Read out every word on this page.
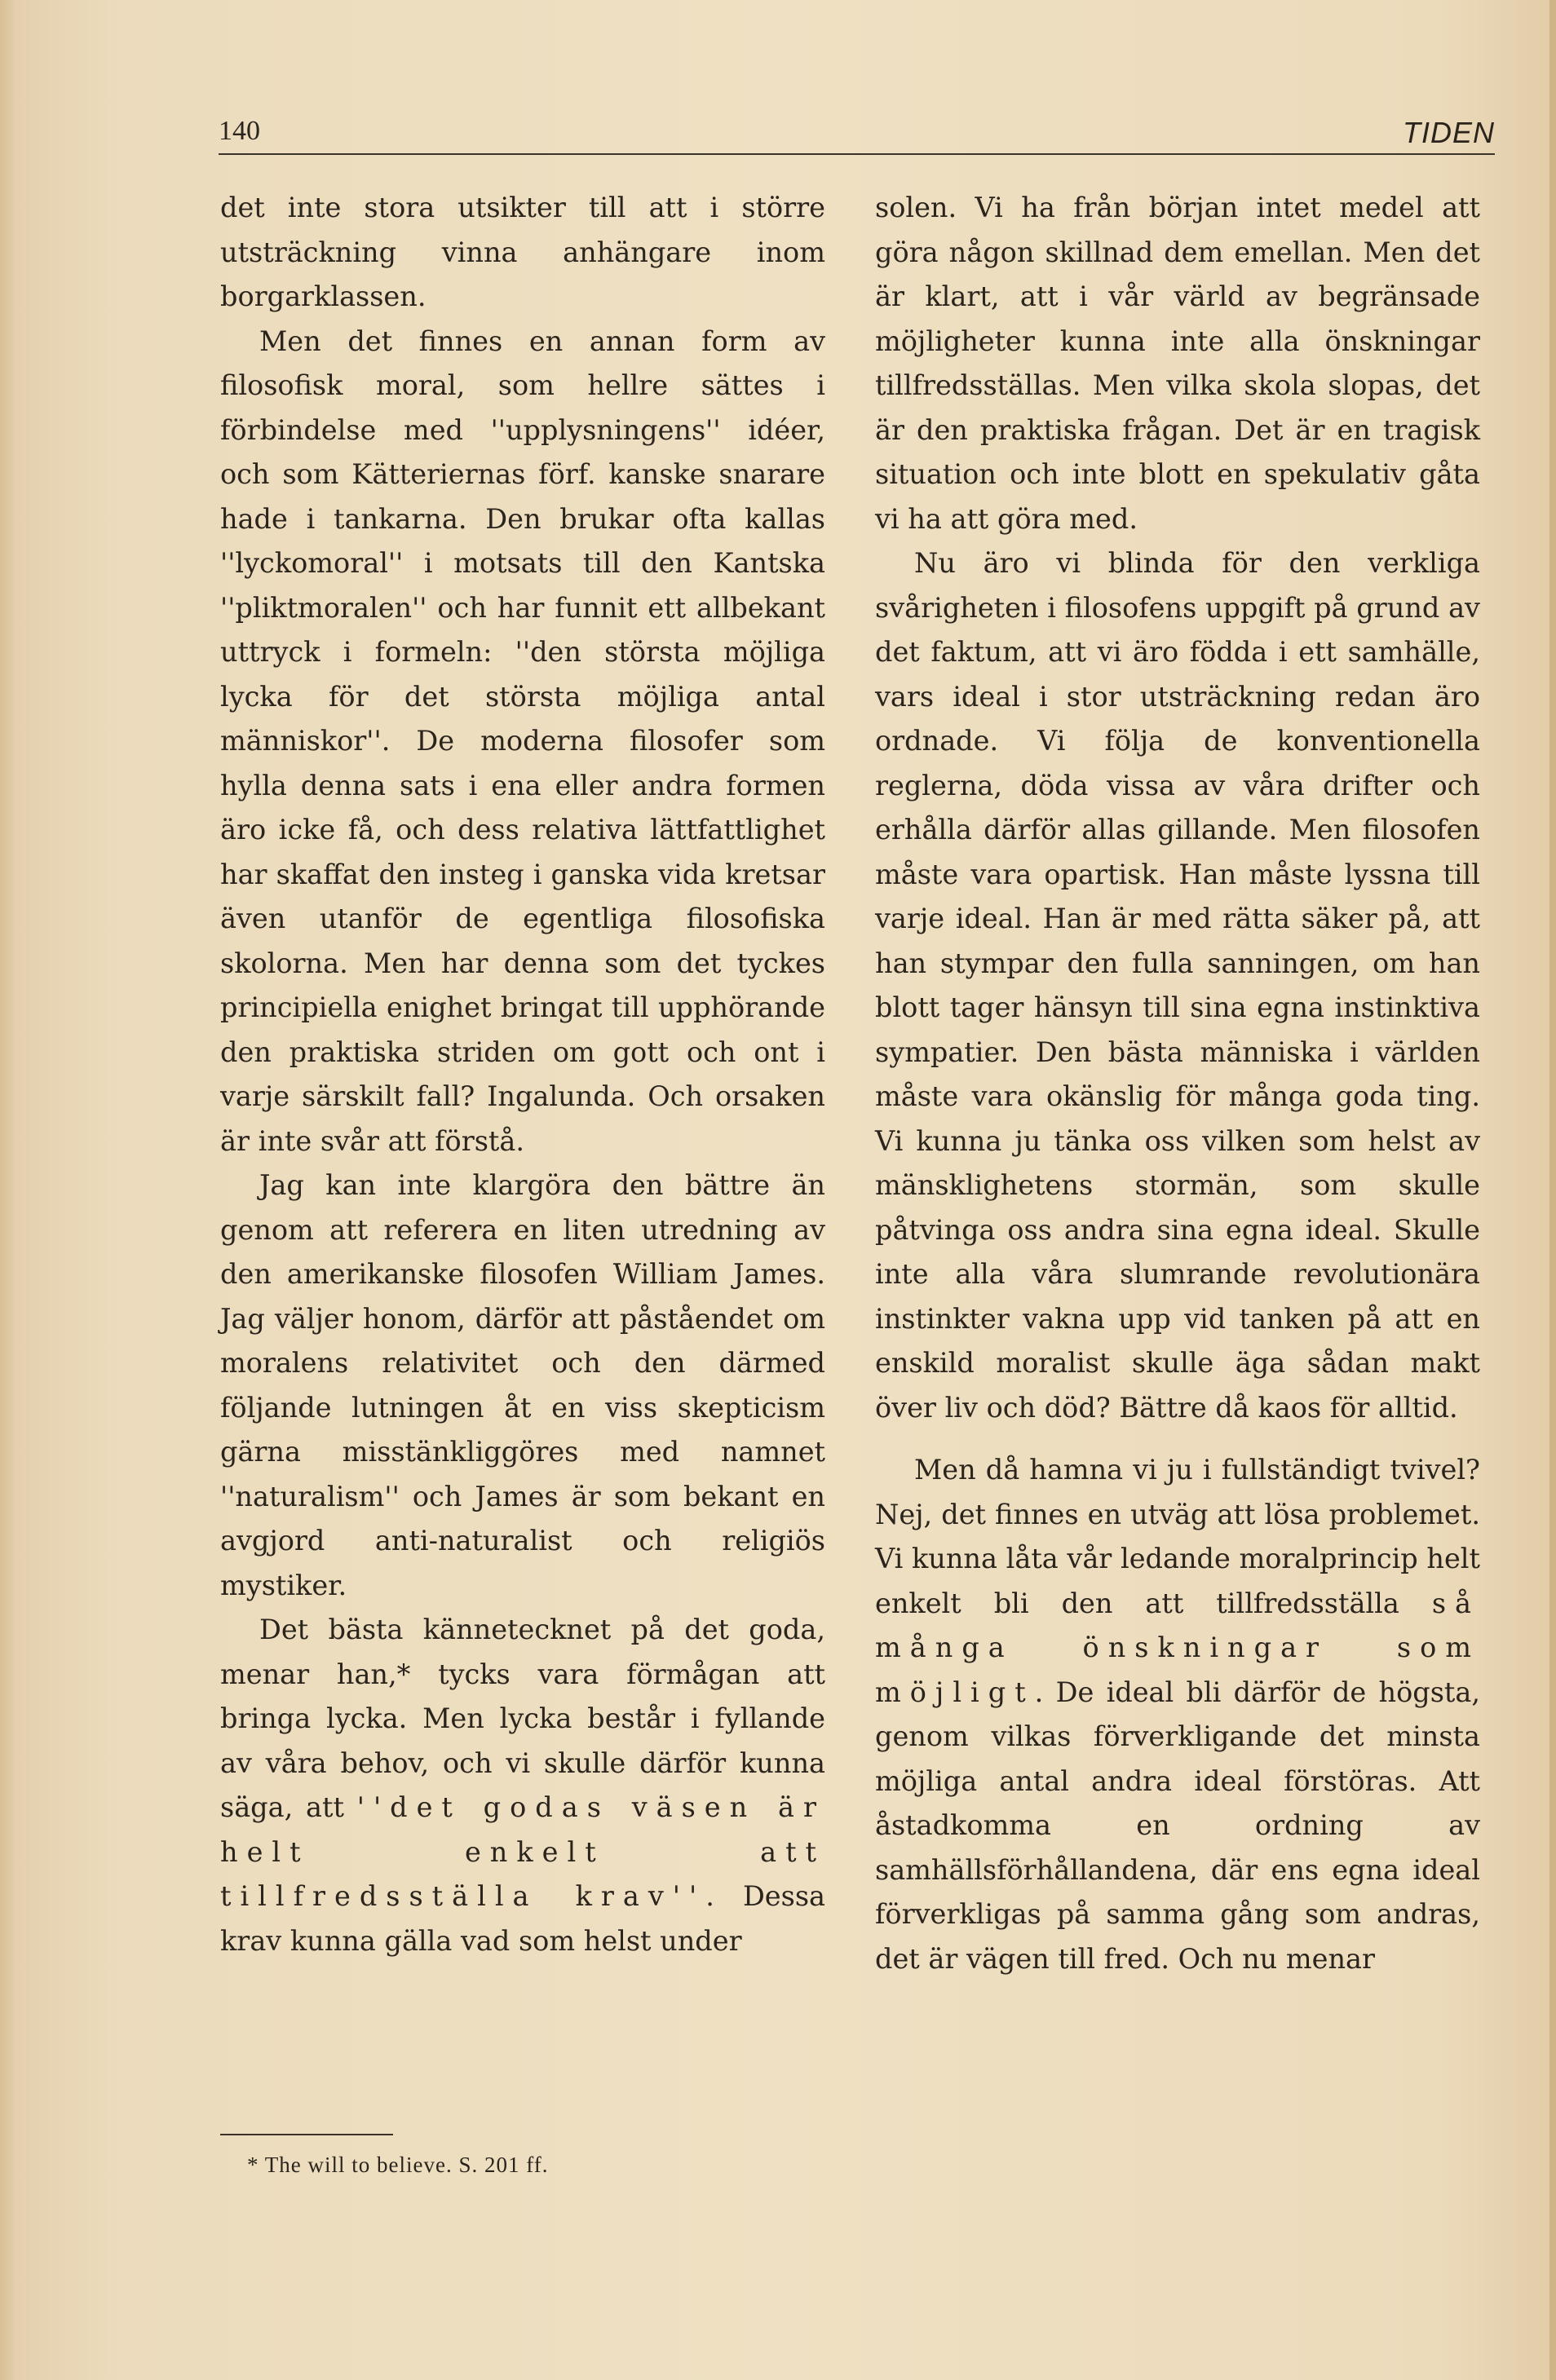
140	TIDEN

det inte stora utsikter till att i större utsträckning vinna anhängare inom borgarklassen.

Men det finnes en annan form av filosofisk moral, som hellre sättes i förbindelse med ''upplysningens'' idéer, och som Kätteriernas förf. kanske snarare hade i tankarna. Den brukar ofta kallas ''lyckomoral'' i motsats till den Kantska ''pliktmoralen'' och har funnit ett allbekant uttryck i formeln: ''den största möjliga lycka för det största möjliga antal människor''. De moderna filosofer som hylla denna sats i ena eller andra formen äro icke få, och dess relativa lättfattlighet har skaffat den insteg i ganska vida kretsar även utanför de egentliga filosofiska skolorna. Men har denna som det tyckes principiella enighet bringat till upphörande den praktiska striden om gott och ont i varje särskilt fall? Ingalunda. Och orsaken är inte svår att förstå.

Jag kan inte klargöra den bättre än genom att referera en liten utredning av den amerikanske filosofen William James. Jag väljer honom, därför att påståendet om moralens relativitet och den därmed följande lutningen åt en viss skepticism gärna misstänkliggöres med namnet ''naturalism'' och James är som bekant en avgjord anti-naturalist och religiös mystiker.

Det bästa kännetecknet på det goda, menar han,* tycks vara förmågan att bringa lycka. Men lycka består i fyllande av våra behov, och vi skulle därför kunna säga, att ''det godas väsen är helt enkelt att tillfredsställa krav''. Dessa krav kunna gälla vad som helst under

solen. Vi ha från början intet medel att göra någon skillnad dem emellan. Men det är klart, att i vår värld av begränsade möjligheter kunna inte alla önskningar tillfredsställas. Men vilka skola slopas, det är den praktiska frågan. Det är en tragisk situation och inte blott en spekulativ gåta vi ha att göra med.

Nu äro vi blinda för den verkliga svårigheten i filosofens uppgift på grund av det faktum, att vi äro födda i ett samhälle, vars ideal i stor utsträckning redan äro ordnade. Vi följa de konventionella reglerna, döda vissa av våra drifter och erhålla därför allas gillande. Men filosofen måste vara opartisk. Han måste lyssna till varje ideal. Han är med rätta säker på, att han stympar den fulla sanningen, om han blott tager hänsyn till sina egna instinktiva sympatier. Den bästa människa i världen måste vara okänslig för många goda ting. Vi kunna ju tänka oss vilken som helst av mänsklighetens stormän, som skulle påtvinga oss andra sina egna ideal. Skulle inte alla våra slumrande revolutionära instinkter vakna upp vid tanken på att en enskild moralist skulle äga sådan makt över liv och död? Bättre då kaos för alltid.

Men då hamna vi ju i fullständigt tvivel? Nej, det finnes en utväg att lösa problemet. Vi kunna låta vår ledande moralprincip helt enkelt bli den att tillfredsställa så många önskningar som möjligt. De ideal bli därför de högsta, genom vilkas förverkligande det minsta möjliga antal andra ideal förstöras. Att åstadkomma en ordning av samhällsförhållandena, där ens egna ideal förverkligas på samma gång som andras, det är vägen till fred. Och nu menar

* The will to believe. S. 201 ff.
